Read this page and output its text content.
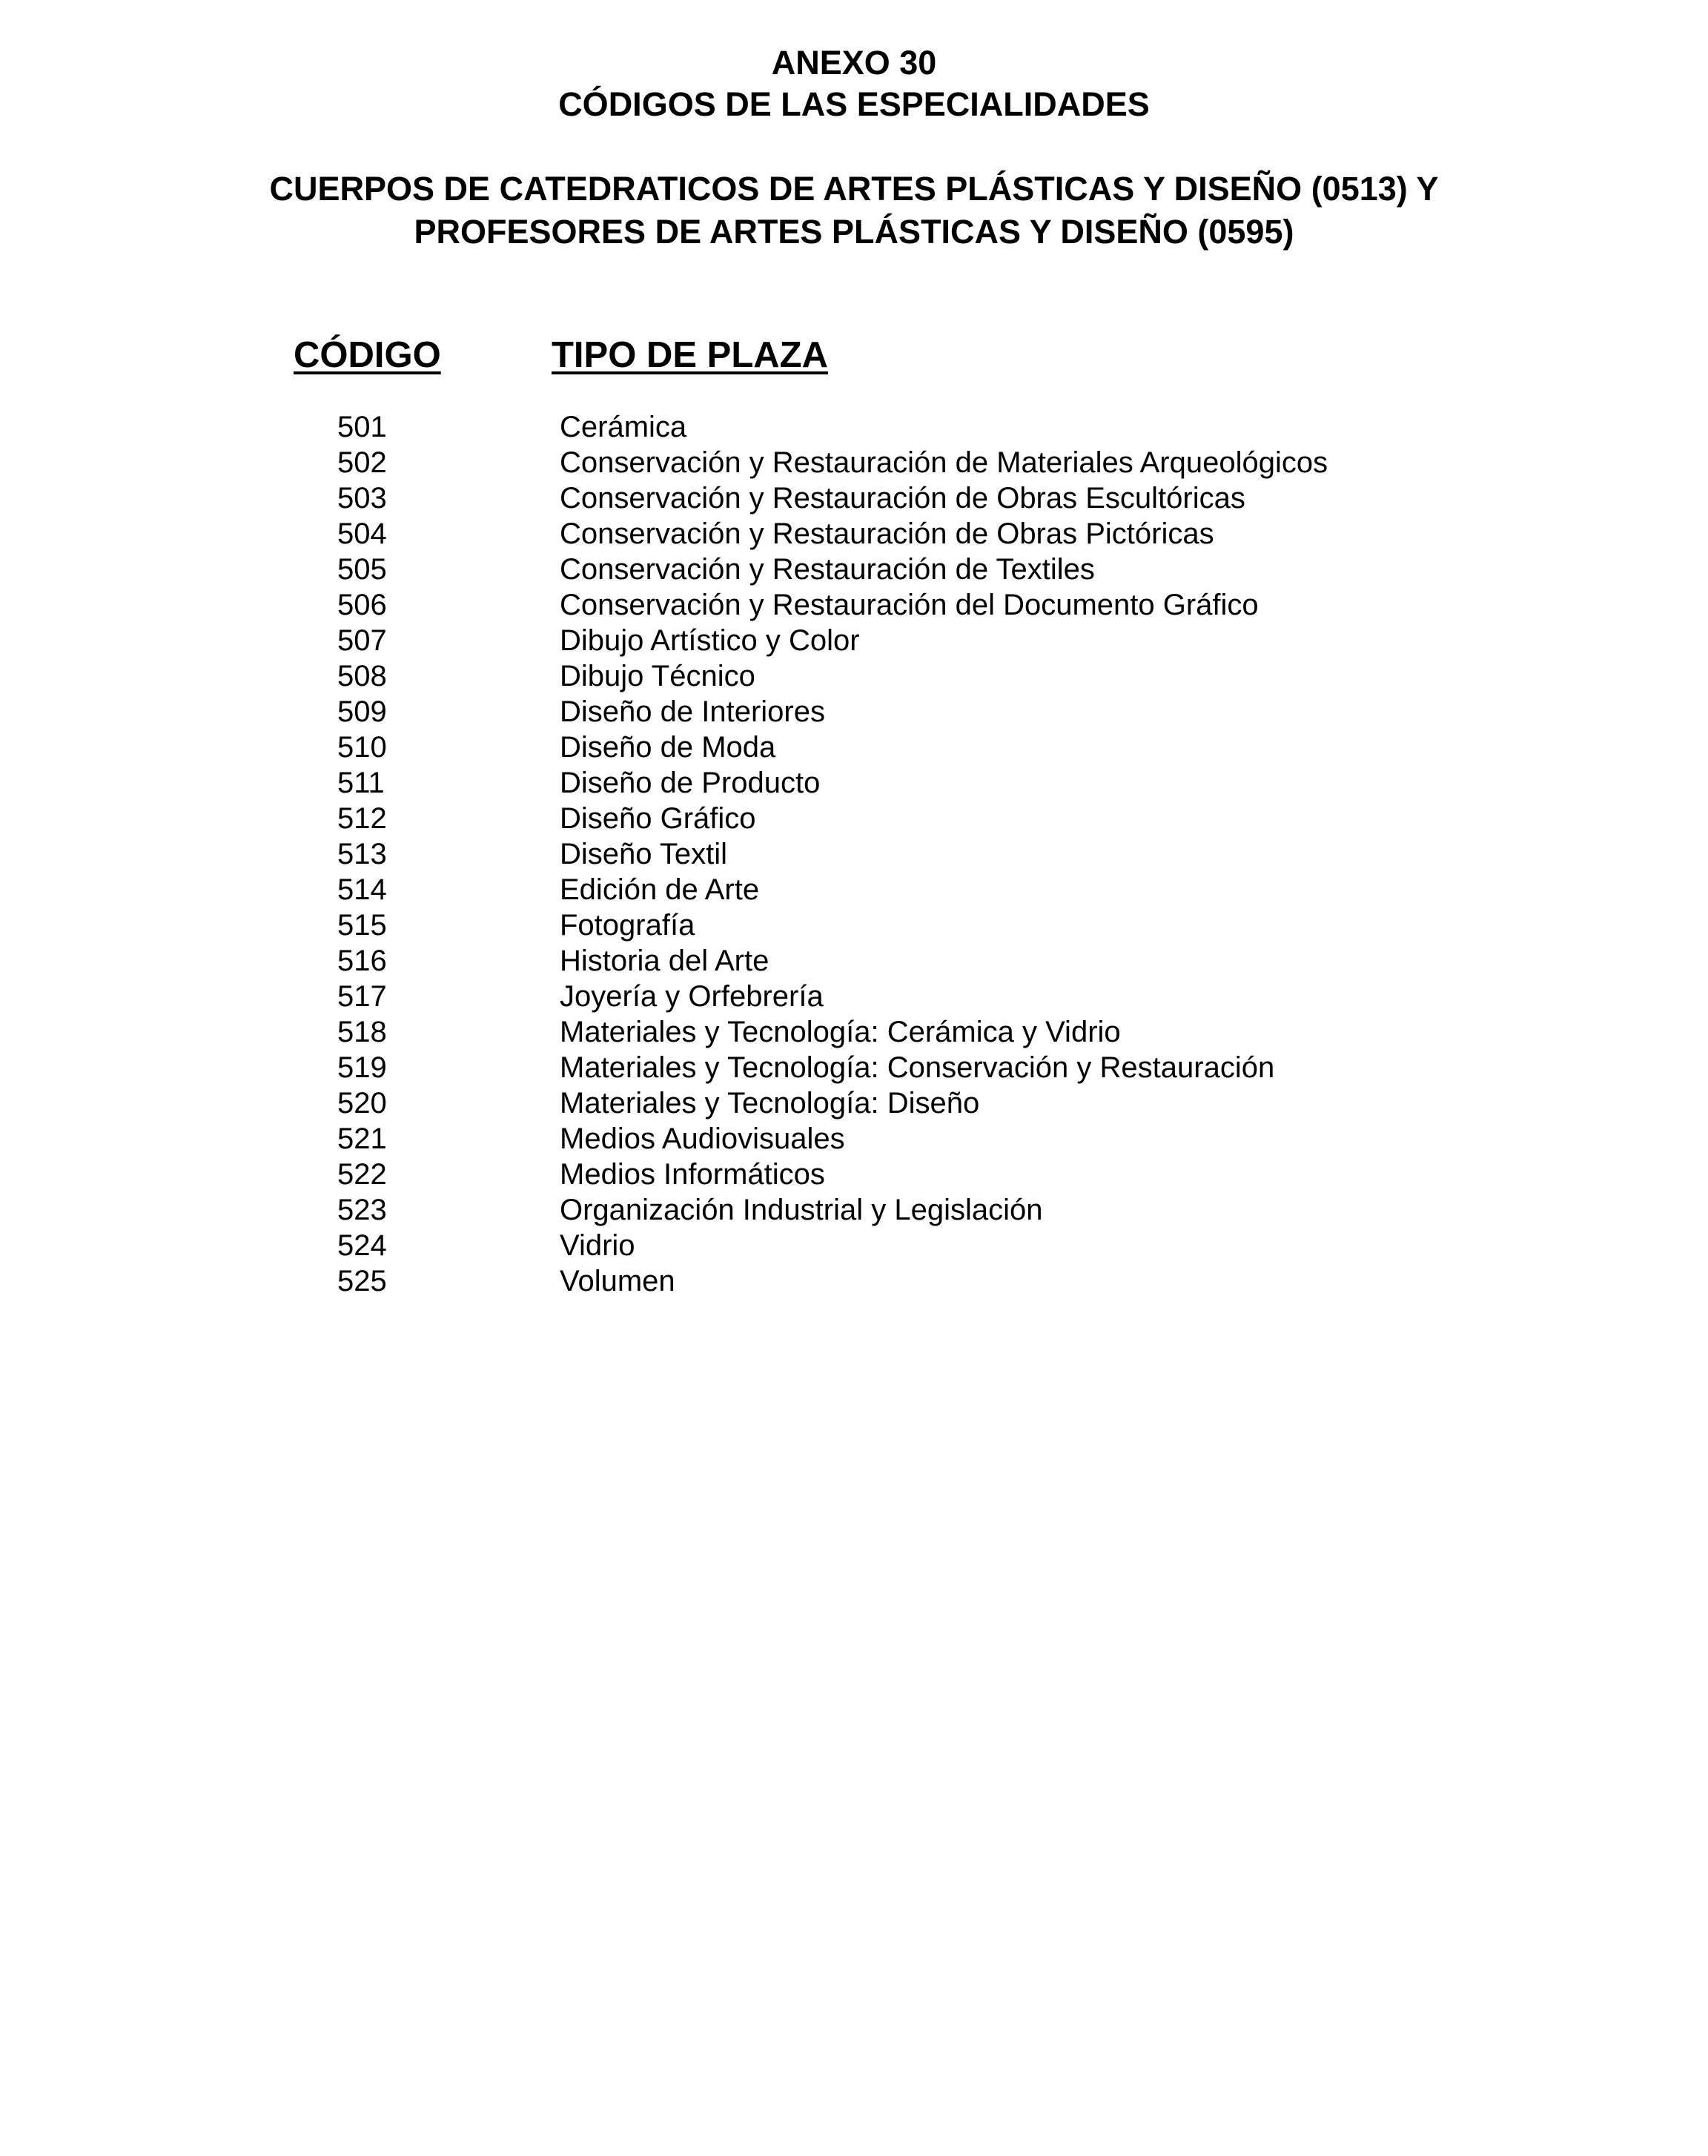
ANEXO 30
CÓDIGOS DE LAS ESPECIALIDADES
CUERPOS DE CATEDRATICOS DE ARTES PLÁSTICAS Y DISEÑO (0513) Y
PROFESORES DE ARTES PLÁSTICAS Y DISEÑO (0595)
CÓDIGO	TIPO DE PLAZA
501	Cerámica
502	Conservación y Restauración de Materiales Arqueológicos
503	Conservación y Restauración de Obras Escultóricas
504	Conservación y Restauración de Obras Pictóricas
505	Conservación y Restauración de Textiles
506	Conservación y Restauración del Documento Gráfico
507	Dibujo Artístico y Color
508	Dibujo Técnico
509	Diseño de Interiores
510	Diseño de Moda
511	Diseño de Producto
512	Diseño Gráfico
513	Diseño Textil
514	Edición de Arte
515	Fotografía
516	Historia del Arte
517	Joyería y Orfebrería
518	Materiales y Tecnología: Cerámica y Vidrio
519	Materiales y Tecnología: Conservación y Restauración
520	Materiales y Tecnología: Diseño
521	Medios Audiovisuales
522	Medios Informáticos
523	Organización Industrial y Legislación
524	Vidrio
525	Volumen
